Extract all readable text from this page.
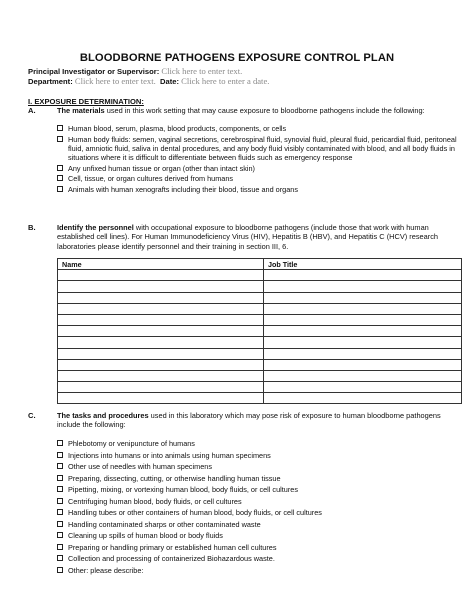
BLOODBORNE PATHOGENS EXPOSURE CONTROL PLAN
Principal Investigator or Supervisor: Click here to enter text.
Department: Click here to enter text. Date: Click here to enter a date.
I. EXPOSURE DETERMINATION:
A.	The materials used in this work setting that may cause exposure to bloodborne pathogens include the following:
Human blood, serum, plasma, blood products, components, or cells
Human body fluids: semen, vaginal secretions, cerebrospinal fluid, synovial fluid, pleural fluid, pericardial fluid, peritoneal fluid, amniotic fluid, saliva in dental procedures, and any body fluid visibly contaminated with blood, and all body fluids in situations where it is difficult to differentiate between fluids such as emergency response
Any unfixed human tissue or organ (other than intact skin)
Cell, tissue, or organ cultures derived from humans
Animals with human xenografts including their blood, tissue and organs
B.	Identify the personnel with occupational exposure to bloodborne pathogens (include those that work with human established cell lines). For Human Immunodeficiency Virus (HIV), Hepatitis B (HBV), and Hepatitis C (HCV) research laboratories please identify personnel and their training in section III, 6.
Name	Job Title

C.	The tasks and procedures used in this laboratory which may pose risk of exposure to human bloodborne pathogens include the following:
Phlebotomy or venipuncture of humans
Injections into humans or into animals using human specimens
Other use of needles with human specimens
Preparing, dissecting, cutting, or otherwise handling human tissue
Pipetting, mixing, or vortexing human blood, body fluids, or cell cultures
Centrifuging human blood, body fluids, or cell cultures
Handling tubes or other containers of human blood, body fluids, or cell cultures
Handling contaminated sharps or other contaminated waste
Cleaning up spills of human blood or body fluids
Preparing or handling primary or established human cell cultures
Collection and processing of containerized Biohazardous waste.
Other: please describe:
